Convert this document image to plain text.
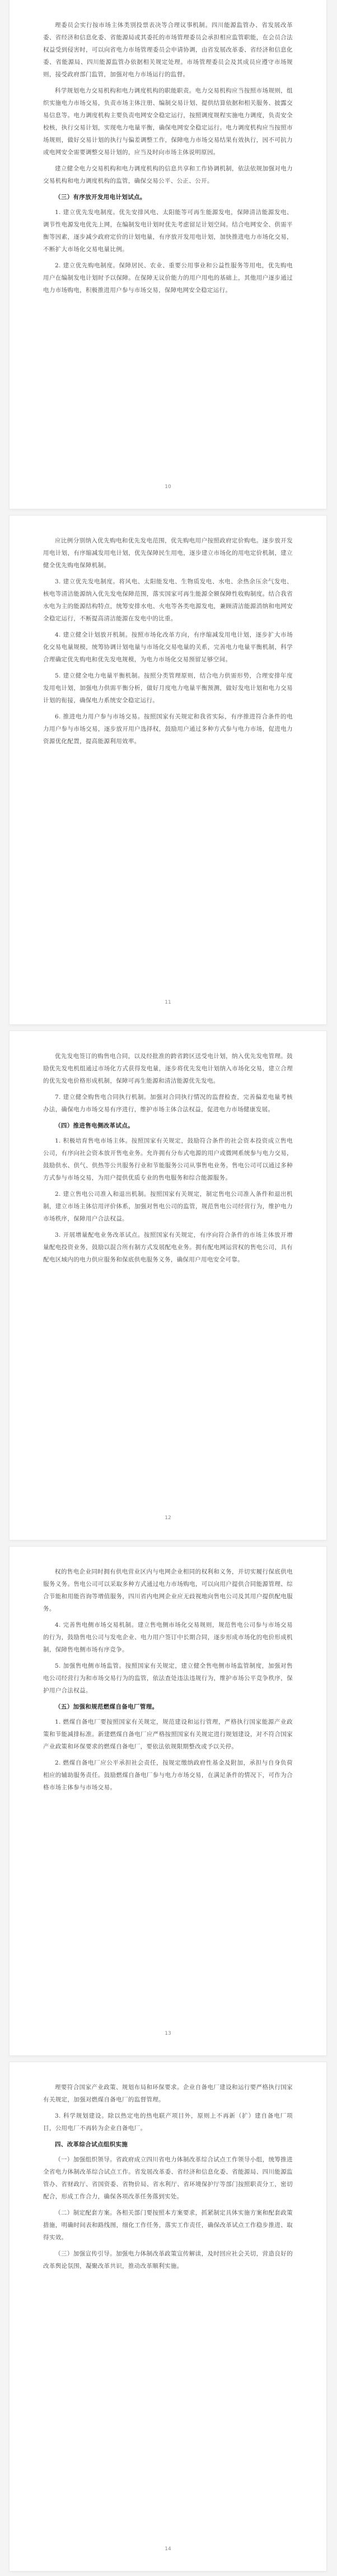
理委员会实行按市场主体类别投票表决等合理议事机制。四川能源监管办、省发展改革委、省经济和信息化委、省能源局或其委托的市场管理委员会承担相应监管职能，在会员合法权益受到侵害时，可以向省电力市场管理委员会申请协调，由省发展改革委、省经济和信息化委、省能源局、四川能源监管办依据相关规定处理。市场管理委员会及其成员应遵守市场规则，接受政府部门监管，加强对电力市场运行的监督。

科学规划电力交易机构和电力调度机构的职能职责。电力交易机构应当按照市场规则，组织实施电力市场交易，负责市场主体注册、编制交易计划、提供结算依据和相关服务、披露交易信息等。电力调度机构主要负责电网安全稳定运行，按照调度规程实施电力调度，负责安全校核，执行交易计划，实现电力电量平衡，确保电网安全稳定运行。电力调度机构应当按照市场规则，做好交易计划的执行与偏差调整工作，保障电力市场交易结果有效执行，因不可抗力或电网安全需要调整交易计划的，应当及时向市场主体说明原因。

建立健全电力交易机构和电力调度机构的信息共享和工作协调机制，依法依规加强对电力交易机构和电力调度机构的监管，确保交易公平、公正、公开。

（三）有序放开发用电计划试点。

1. 建立优先发电制度。优先安排风电、太阳能等可再生能源发电，保障清洁能源发电、调节性电源发电优先上网，在编制发电计划时优先考虑留足计划空间。结合电网安全、供需平衡等因素，逐步减少政府定价的计划电量，有序放开发用电计划，加快推进电力市场化交易，不断扩大市场化交易电量比例。

2. 建立优先购电制度。保障居民、农业、重要公用事业和公益性服务等用电，优先购电用户在编制发电计划时予以保障。在保障无议价能力的用户用电的基础上，其他用户逐步通过电力市场购电，积极推进用户参与市场交易，保障电网安全稳定运行。

10

应比例分别纳入优先购电和优先发电范围，优先购电用户按照政府定价购电。逐步放开发用电计划，有序缩减发用电计划，优先保障民生用电，逐步建立市场化的用电定价机制，建立健全优先购电保障机制。

3. 建立优先发电制度。将风电、太阳能发电、生物质发电、水电、余热余压余气发电、核电等清洁能源纳入优先发电保障范围，落实国家可再生能源全额保障性收购制度。结合我省水电为主的能源结构特点，统筹安排水电、火电等各类电源发电，兼顾清洁能源消纳和电网安全稳定运行，不断提高清洁能源在发电中的比重。

4. 建立健全计划放开机制。按照市场化改革方向，有序缩减发用电计划，逐步扩大市场化交易电量规模，统筹协调计划电量与市场化交易电量的关系，完善电力电量平衡机制，科学合理确定优先购电和优先发电规模，为电力市场化交易预留足够空间。

5. 建立健全电力电量平衡机制。按照分类管理原则，结合电力供需形势，合理安排年度发用电计划，加强电力供需平衡分析，做好月度电力电量平衡预测，做好发电计划和电力交易计划的衔接，确保电力系统安全稳定运行。

6. 推进电力用户参与市场交易。按照国家有关规定和我省实际，有序推进符合条件的电力用户参与市场交易，逐步放开用户选择权，鼓励用户通过多种方式参与电力市场，促进电力资源优化配置，提高能源利用效率。

11

优先发电签订的购售电合同，以及经批准的跨省跨区送受电计划，纳入优先发电管理。鼓励优先发电机组通过市场化方式获得发电量，逐步将优先发电计划纳入市场化交易，建立合理的优先发电价格形成机制，保障可再生能源和清洁能源优先发电。

7. 建立健全购售电合同执行机制。加强对合同执行情况的监督检查，完善偏差电量考核办法，确保电力市场交易有序进行，维护市场主体合法权益，促进电力市场健康发展。

（四）推进售电侧改革试点。

1. 积极培育售电市场主体。按照国家有关规定，鼓励符合条件的社会资本投资成立售电公司，有序向社会资本放开售电业务。允许拥有分布式电源的用户或微网系统参与电力交易，鼓励供水、供气、供热等公共服务行业和节能服务公司从事售电业务。售电公司可以通过多种方式参与市场交易，为用户提供优质专业的售电服务和综合能源服务。

2. 建立售电公司准入和退出机制。按照国家有关规定，制定售电公司准入条件和退出机制，建立市场主体信用评价体系，加强对售电公司的监管，规范售电公司经营行为，维护电力市场秩序，保障用户合法权益。

3. 开展增量配电业务改革试点。按照国家有关规定，有序向符合条件的市场主体放开增量配电投资业务，鼓励以混合所有制方式发展配电业务。拥有配电网运营权的售电公司，具有配电区域内的电力供应服务和保底供电服务义务，确保用户用电安全可靠。

12

权的售电企业同时拥有供电营业区内与电网企业相同的权利和义务，并切实履行保底供电服务义务。售电公司可以采取多种方式通过电力市场购电，可以向用户提供合同能源管理、综合节能和用能咨询等增值服务，四川省内电网企业应无歧视地向售电公司及其用户提供配电服务。

4. 完善售电侧市场交易机制。建立售电侧市场化交易规则，规范售电公司参与市场交易的行为，鼓励售电公司与发电企业、电力用户签订中长期合同，逐步形成市场化的电价形成机制，保障售电侧市场有序竞争。

5. 加强售电侧市场监管。按照国家有关规定，建立健全售电侧市场监管制度，加强对售电公司经营行为和市场交易行为的监管，依法查处违法违规行为，维护市场公平竞争秩序，保护用户合法权益。

（五）加强和规范燃煤自备电厂管理。

1. 燃煤自备电厂要按照国家有关规定，规范建设和运行管理，严格执行国家能源产业政策和节能减排标准。新建燃煤自备电厂应严格按照国家有关规定进行规划建设，对不符合国家产业政策和环保要求的燃煤自备电厂，要依法依规限期整改或予以关停。

2. 燃煤自备电厂应公平承担社会责任，按规定缴纳政府性基金及附加，承担与自身负荷相应的辅助服务责任。鼓励燃煤自备电厂参与电力市场交易，在满足条件的情况下，可作为合格市场主体参与市场交易。

13

理要符合国家产业政策、规划布局和环保要求。企业自备电厂建设和运行要严格执行国家有关规定，加强对燃煤自备电厂的监督管理。

3. 科学规划建设。除以热定电的热电联产项目外，原则上不再新（扩）建自备电厂项目，公用电厂不再转为企业自备电厂。

四、改革综合试点组织实施

（一）加强组织领导。省政府成立四川省电力体制改革综合试点工作领导小组，统筹推进全省电力体制改革综合试点工作。省发展改革委、省经济和信息化委、省能源局、四川能源监管办、省财政厅、省国资委、省物价局、省水利厅、省环境保护厅等部门按照职责分工，密切配合，形成工作合力，确保各项改革任务落到实处。

（二）制定配套方案。各相关部门要按照本方案要求，抓紧制定具体实施方案和配套政策措施，明确时间表和路线图，细化工作任务，落实工作责任，确保改革试点工作稳步推进、取得实效。

（三）加强宣传引导。加强电力体制改革政策宣传解读，及时回应社会关切，营造良好的改革舆论氛围，凝聚改革共识，推动改革顺利实施。

14
